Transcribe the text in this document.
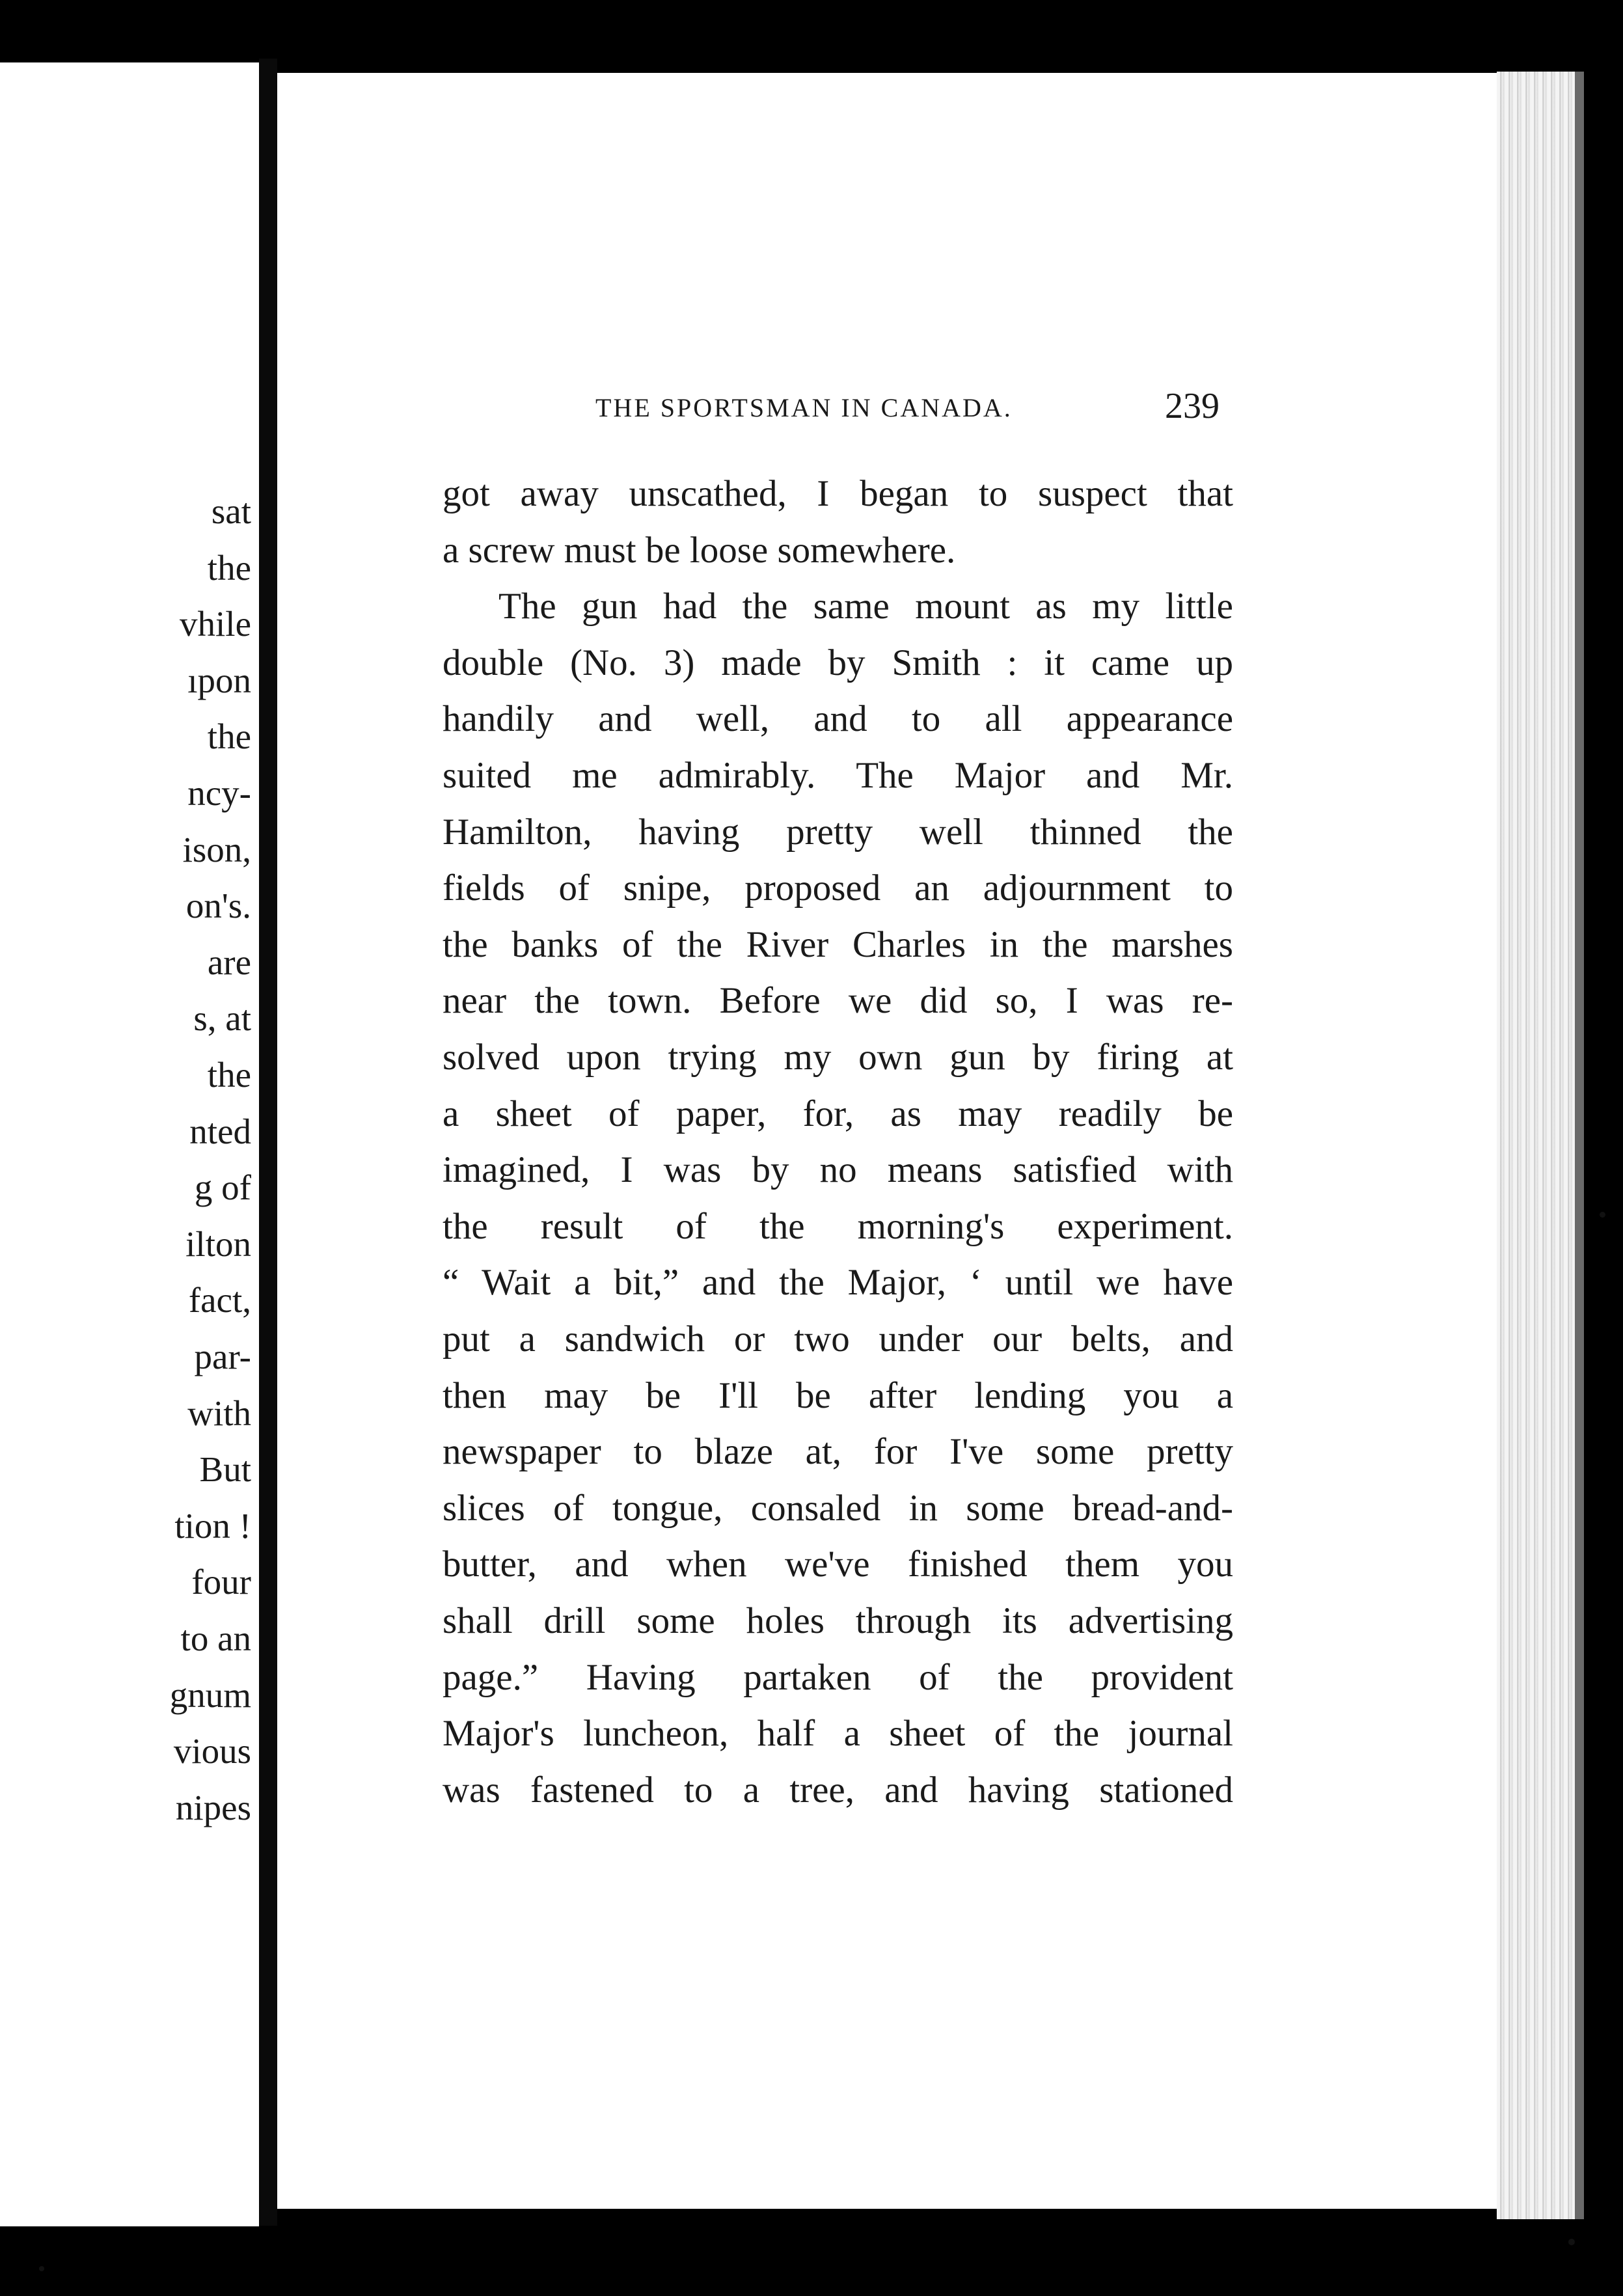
sat
the
vhile
ıpon
the
ncy-
ison,
on's.
are
s, at
the
nted
g of
ilton
fact,
par-
with
But
tion !
four
to an
gnum
vious
nipes
THE SPORTSMAN IN CANADA.	239
got away unscathed, I began to suspect that
a screw must be loose somewhere.
The gun had the same mount as my little
double (No. 3) made by Smith : it came up
handily and well, and to all appearance
suited me admirably. The Major and Mr.
Hamilton, having pretty well thinned the
fields of snipe, proposed an adjournment to
the banks of the River Charles in the marshes
near the town. Before we did so, I was re-
solved upon trying my own gun by firing at
a sheet of paper, for, as may readily be
imagined, I was by no means satisfied with
the result of the morning's experiment.
“ Wait a bit,” and the Major, ‘ until we have
put a sandwich or two under our belts, and
then may be I'll be after lending you a
newspaper to blaze at, for I've some pretty
slices of tongue, consaled in some bread-and-
butter, and when we've finished them you
shall drill some holes through its advertising
page.” Having partaken of the provident
Major's luncheon, half a sheet of the journal
was fastened to a tree, and having stationed
